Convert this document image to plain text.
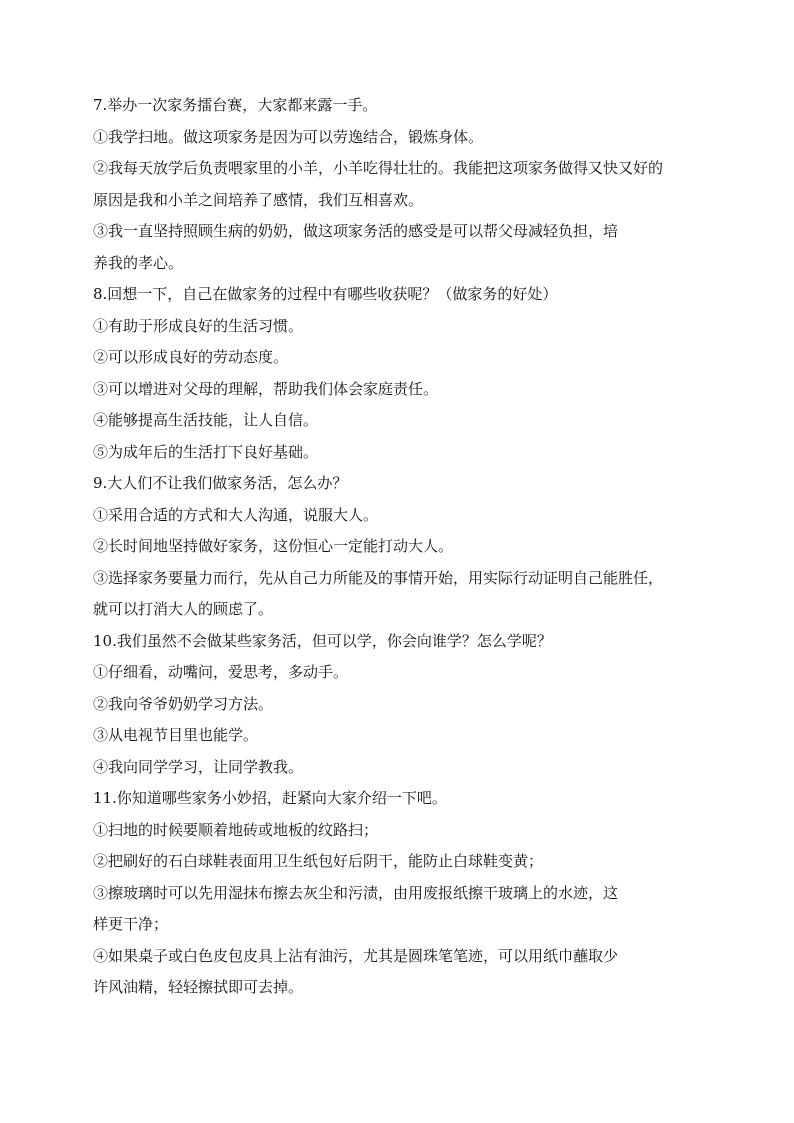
7.举办一次家务擂台赛，大家都来露一手。
①我学扫地。做这项家务是因为可以劳逸结合，锻炼身体。
②我每天放学后负责喂家里的小羊，小羊吃得壮壮的。我能把这项家务做得又快又好的
原因是我和小羊之间培养了感情，我们互相喜欢。
③我一直坚持照顾生病的奶奶，做这项家务活的感受是可以帮父母减轻负担，培
养我的孝心。
8.回想一下，自己在做家务的过程中有哪些收获呢？（做家务的好处）
①有助于形成良好的生活习惯。
②可以形成良好的劳动态度。
③可以增进对父母的理解，帮助我们体会家庭责任。
④能够提高生活技能，让人自信。
⑤为成年后的生活打下良好基础。
9.大人们不让我们做家务活，怎么办？
①采用合适的方式和大人沟通，说服大人。
②长时间地坚持做好家务，这份恒心一定能打动大人。
③选择家务要量力而行，先从自己力所能及的事情开始，用实际行动证明自己能胜任，
就可以打消大人的顾虑了。
10.我们虽然不会做某些家务活，但可以学，你会向谁学？怎么学呢？
①仔细看，动嘴问，爱思考，多动手。
②我向爷爷奶奶学习方法。
③从电视节目里也能学。
④我向同学学习，让同学教我。
11.你知道哪些家务小妙招，赶紧向大家介绍一下吧。
①扫地的时候要顺着地砖或地板的纹路扫；
②把刷好的石白球鞋表面用卫生纸包好后阴干，能防止白球鞋变黄；
③擦玻璃时可以先用湿抹布擦去灰尘和污渍，由用废报纸擦干玻璃上的水迹，这
样更干净；
④如果桌子或白色皮包皮具上沾有油污，尤其是圆珠笔笔迹，可以用纸巾蘸取少
许风油精，轻轻擦拭即可去掉。
